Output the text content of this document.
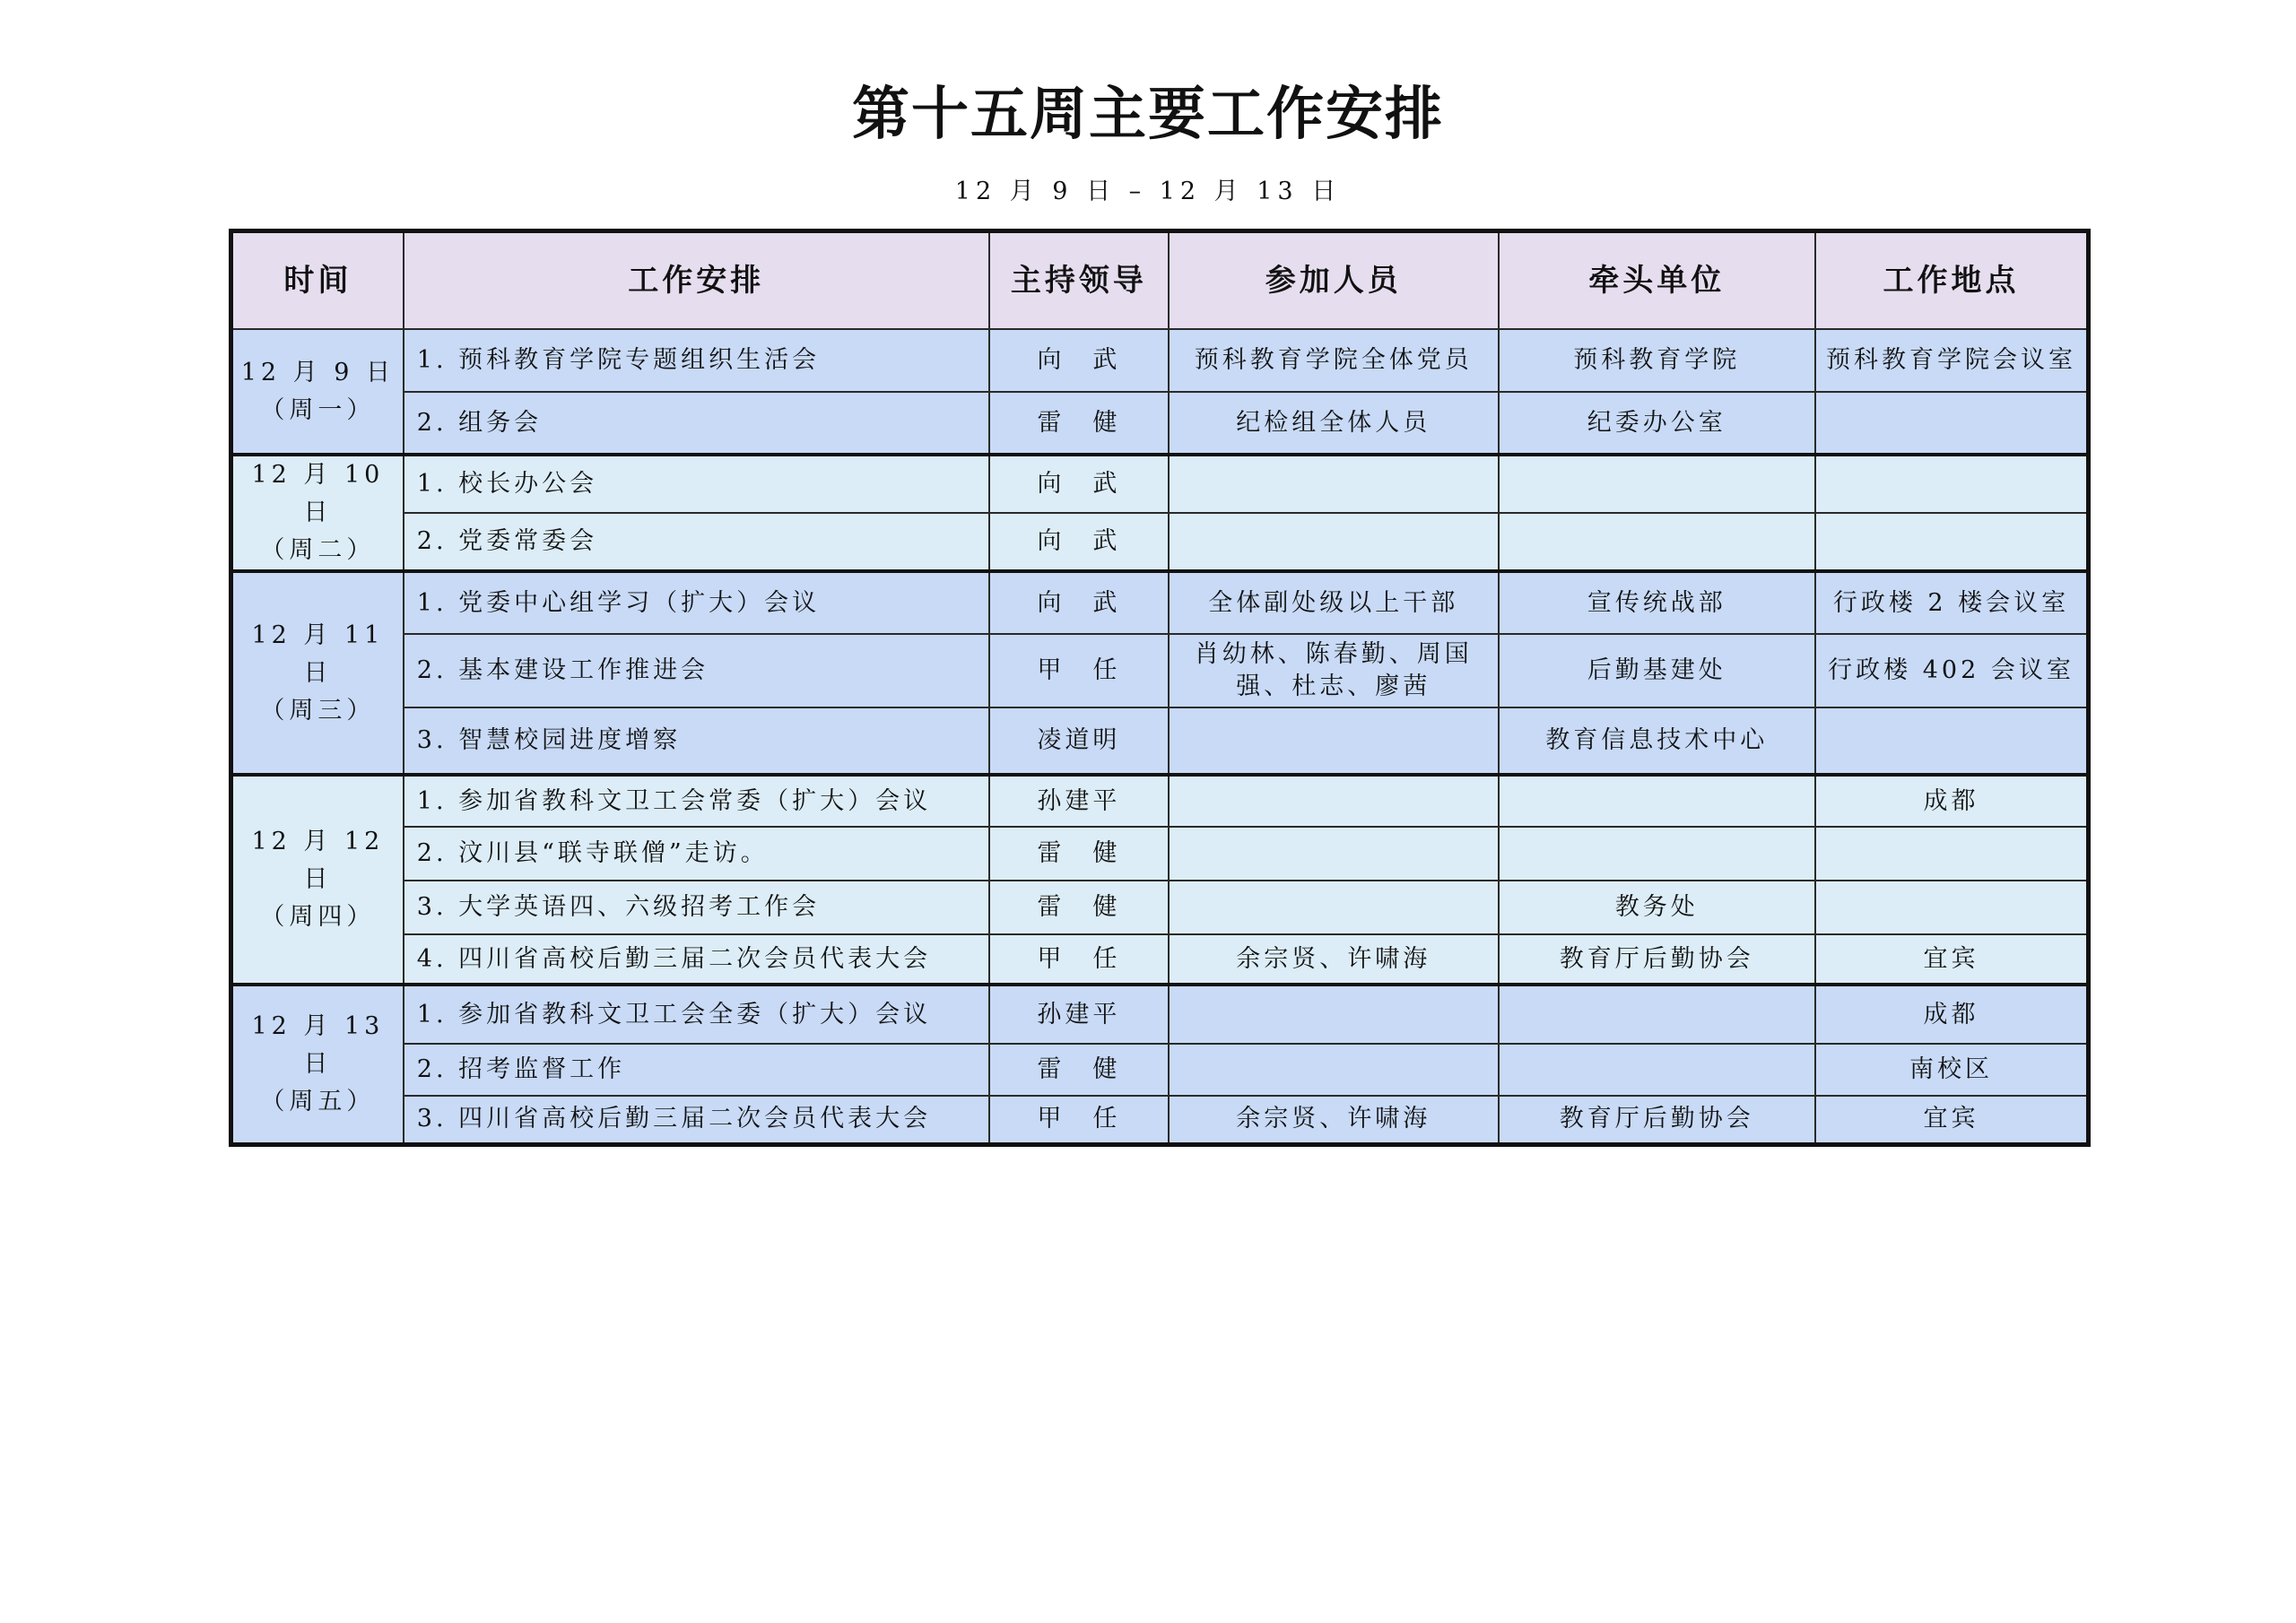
第十五周主要工作安排
12 月 9 日 – 12 月 13 日
时间	工作安排	主持领导	参加人员	牵头单位	工作地点

12 月 9 日
（周一）	1. 预科教育学院专题组织生活会	向　武	预科教育学院全体党员	预科教育学院	预科教育学院会议室
	2. 组务会	雷　健	纪检组全体人员	纪委办公室	

12 月 10 日
（周二）	1. 校长办公会	向　武			
	2. 党委常委会	向　武			

12 月 11 日
（周三）	1. 党委中心组学习（扩大）会议	向　武	全体副处级以上干部	宣传统战部	行政楼 2 楼会议室
	2. 基本建设工作推进会	甲　任	肖幼林、陈春勤、周国强、杜志、廖茜	后勤基建处	行政楼 402 会议室
	3. 智慧校园进度增察	凌道明		教育信息技术中心	

12 月 12 日
（周四）	1. 参加省教科文卫工会常委（扩大）会议	孙建平			成都
	2. 汶川县“联寺联僧”走访。	雷　健			
	3. 大学英语四、六级招考工作会	雷　健		教务处	
	4. 四川省高校后勤三届二次会员代表大会	甲　任	余宗贤、许啸海	教育厅后勤协会	宜宾

12 月 13 日
（周五）	1. 参加省教科文卫工会全委（扩大）会议	孙建平			成都
	2. 招考监督工作	雷　健			南校区
	3. 四川省高校后勤三届二次会员代表大会	甲　任	余宗贤、许啸海	教育厅后勤协会	宜宾
